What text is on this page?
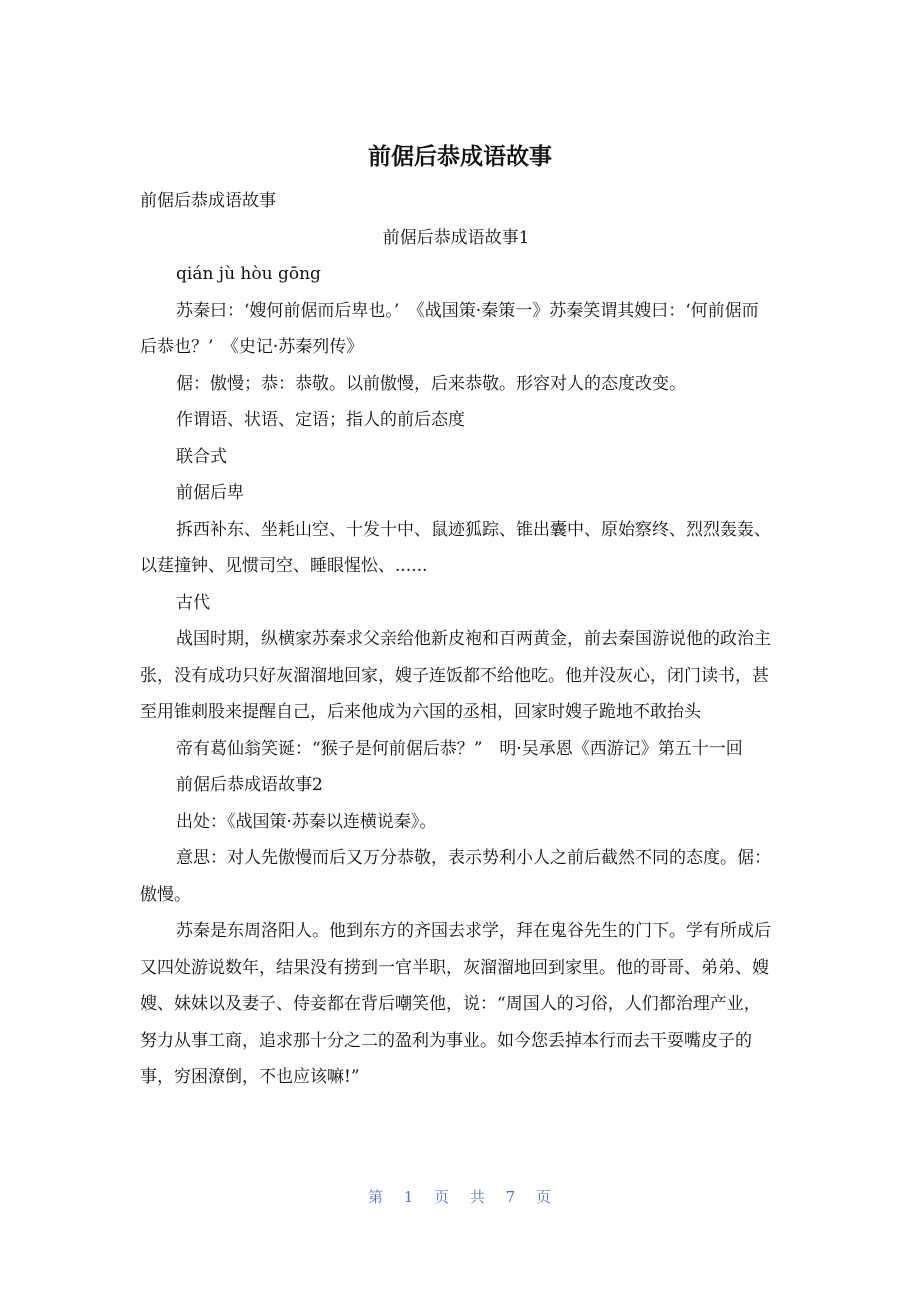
前倨后恭成语故事

前倨后恭成语故事

前倨后恭成语故事1

qián jù hòu gōng

苏秦曰：‘嫂何前倨而后卑也。’　《战国策·秦策一》苏秦笑谓其嫂曰：‘何前倨而后恭也？’　《史记·苏秦列传》

倨：傲慢；恭：恭敬。以前傲慢，后来恭敬。形容对人的态度改变。

作谓语、状语、定语；指人的前后态度

联合式

前倨后卑

拆西补东、坐耗山空、十发十中、鼠迹狐踪、锥出囊中、原始察终、烈烈轰轰、以莛撞钟、见惯司空、睡眼惺忪、......

古代

战国时期，纵横家苏秦求父亲给他新皮袍和百两黄金，前去秦国游说他的政治主张，没有成功只好灰溜溜地回家，嫂子连饭都不给他吃。他并没灰心，闭门读书，甚至用锥刺股来提醒自己，后来他成为六国的丞相，回家时嫂子跪地不敢抬头

帝有葛仙翁笑诞：“猴子是何前倨后恭？”　明·吴承恩《西游记》第五十一回

前倨后恭成语故事2

出处：《战国策·苏秦以连横说秦》。

意思：对人先傲慢而后又万分恭敬，表示势利小人之前后截然不同的态度。倨：傲慢。

苏秦是东周洛阳人。他到东方的齐国去求学，拜在鬼谷先生的门下。学有所成后又四处游说数年，结果没有捞到一官半职，灰溜溜地回到家里。他的哥哥、弟弟、嫂嫂、妹妹以及妻子、侍妾都在背后嘲笑他，说：“周国人的习俗，人们都治理产业，努力从事工商，追求那十分之二的盈利为事业。如今您丢掉本行而去干耍嘴皮子的事，穷困潦倒，不也应该嘛!”

第 1 页 共 7 页
